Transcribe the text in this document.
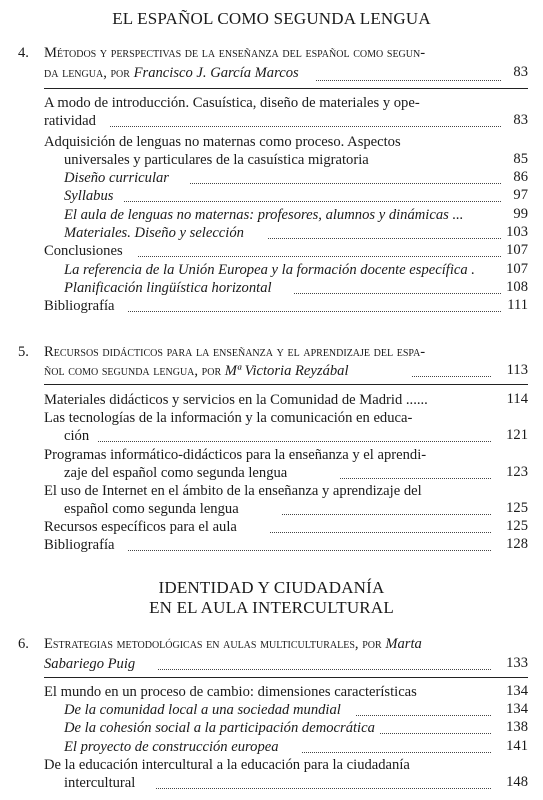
EL ESPAÑOL COMO SEGUNDA LENGUA
4. Métodos y perspectivas de la enseñanza del español como segun-
da lengua, por Francisco J. García Marcos	83
A modo de introducción. Casuística, diseño de materiales y ope-
ratividad	83
Adquisición de lenguas no maternas como proceso. Aspectos
universales y particulares de la casuística migratoria	85
Diseño curricular	86
Syllabus	97
El aula de lenguas no maternas: profesores, alumnos y dinámicas ...	99
Materiales. Diseño y selección	103
Conclusiones	107
La referencia de la Unión Europea y la formación docente específica . 107
Planificación lingüística horizontal	108
Bibliografía	111
5. Recursos didácticos para la enseñanza y el aprendizaje del espa-
ñol como segunda lengua, por Mª Victoria Reyzábal	113
Materiales didácticos y servicios en la Comunidad de Madrid ......	114
Las tecnologías de la información y la comunicación en educa-
ción	121
Programas informático-didácticos para la enseñanza y el aprendi-
zaje del español como segunda lengua	123
El uso de Internet en el ámbito de la enseñanza y aprendizaje del
español como segunda lengua	125
Recursos específicos para el aula	125
Bibliografía	128
IDENTIDAD Y CIUDADANÍA
EN EL AULA INTERCULTURAL
6. Estrategias metodológicas en aulas multiculturales, por Marta
Sabariego Puig	133
El mundo en un proceso de cambio: dimensiones características	134
De la comunidad local a una sociedad mundial	134
De la cohesión social a la participación democrática	138
El proyecto de construcción europea	141
De la educación intercultural a la educación para la ciudadanía
intercultural	148
